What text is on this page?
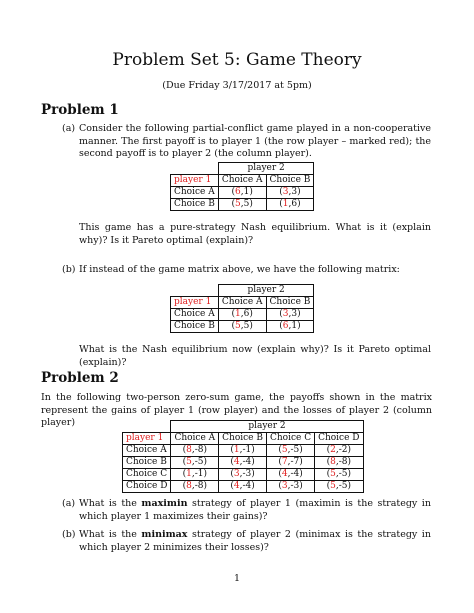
Problem Set 5: Game Theory
(Due Friday 3/17/2017 at 5pm)
Problem 1
(a) Consider the following partial-conflict game played in a non-cooperative manner. The first payoff is to player 1 (the row player – marked red); the second payoff is to player 2 (the column player).
	player 2	
player 1	Choice A	Choice B
Choice A	(6,1)	(3,3)
Choice B	(5,5)	(1,6)
This game has a pure-strategy Nash equilibrium. What is it (explain why)? Is it Pareto optimal (explain)?
(b) If instead of the game matrix above, we have the following matrix:
	player 2	
player 1	Choice A	Choice B
Choice A	(1,6)	(3,3)
Choice B	(5,5)	(6,1)
What is the Nash equilibrium now (explain why)? Is it Pareto optimal (explain)?
Problem 2
In the following two-person zero-sum game, the payoffs shown in the matrix represent the gains of player 1 (row player) and the losses of player 2 (column player)
		player 2			
player 1	Choice A	Choice B	Choice C	Choice D
Choice A	(8,-8)	(1,-1)	(5,-5)	(2,-2)
Choice B	(5,-5)	(4,-4)	(7,-7)	(8,-8)
Choice C	(1,-1)	(3,-3)	(4,-4)	(5,-5)
Choice D	(8,-8)	(4,-4)	(3,-3)	(5,-5)
(a) What is the maximin strategy of player 1 (maximin is the strategy in which player 1 maximizes their gains)?
(b) What is the minimax strategy of player 2 (minimax is the strategy in which player 2 minimizes their losses)?
1
